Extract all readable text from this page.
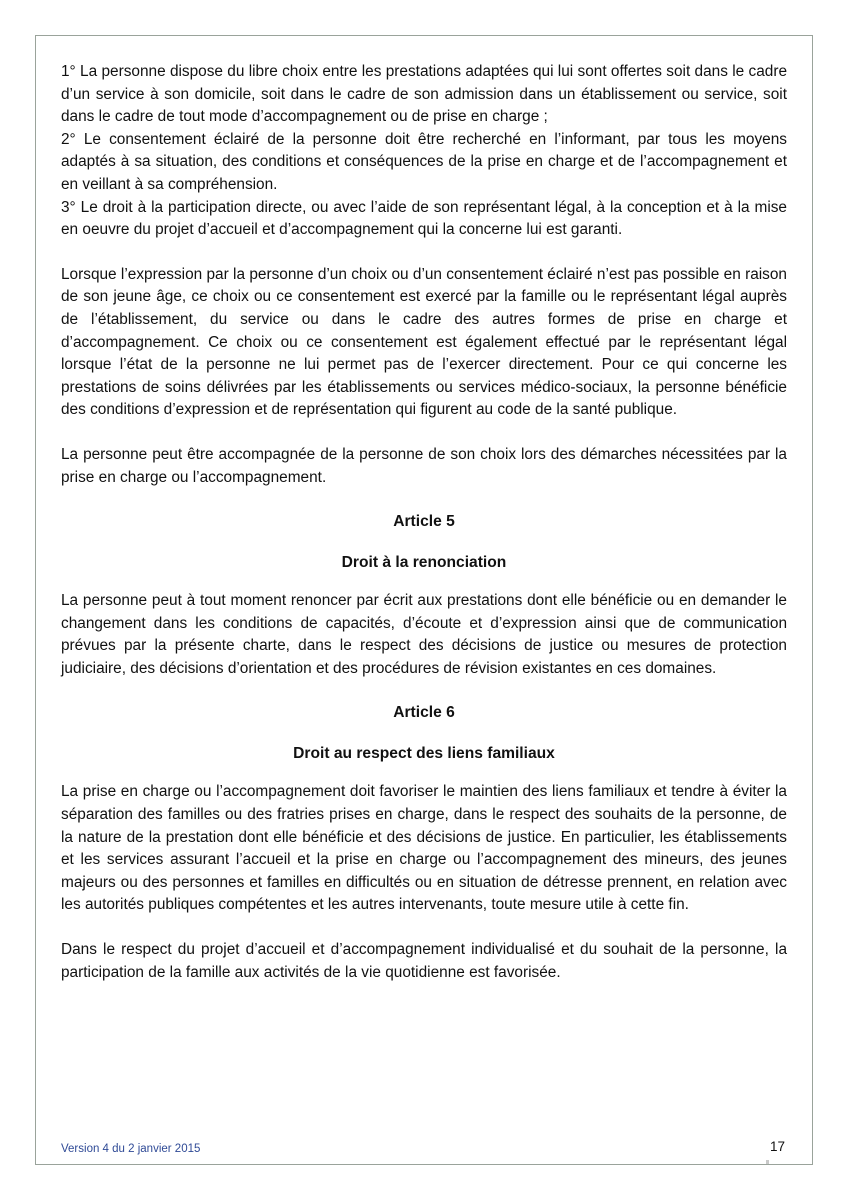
1° La personne dispose du libre choix entre les prestations adaptées qui lui sont offertes soit dans le cadre d’un service à son domicile, soit dans le cadre de son admission dans un établissement ou service, soit dans le cadre de tout mode d’accompagnement ou de prise en charge ;
2° Le consentement éclairé de la personne doit être recherché en l’informant, par tous les moyens adaptés à sa situation, des conditions et conséquences de la prise en charge et de l’accompagnement et en veillant à sa compréhension.
3° Le droit à la participation directe, ou avec l’aide de son représentant légal, à la conception et à la mise en oeuvre du projet d’accueil et d’accompagnement qui la concerne lui est garanti.

Lorsque l’expression par la personne d’un choix ou d’un consentement éclairé n’est pas possible en raison de son jeune âge, ce choix ou ce consentement est exercé par la famille ou le représentant légal auprès de l’établissement, du service ou dans le cadre des autres formes de prise en charge et d’accompagnement. Ce choix ou ce consentement est également effectué par le représentant légal lorsque l’état de la personne ne lui permet pas de l’exercer directement. Pour ce qui concerne les prestations de soins délivrées par les établissements ou services médico-sociaux, la personne bénéficie des conditions d’expression et de représentation qui figurent au code de la santé publique.

La personne peut être accompagnée de la personne de son choix lors des démarches nécessitées par la prise en charge ou l’accompagnement.

Article 5

Droit à la renonciation

La personne peut à tout moment renoncer par écrit aux prestations dont elle bénéficie ou en demander le changement dans les conditions de capacités, d’écoute et d’expression ainsi que de communication prévues par la présente charte, dans le respect des décisions de justice ou mesures de protection judiciaire, des décisions d’orientation et des procédures de révision existantes en ces domaines.

Article 6

Droit au respect des liens familiaux

La prise en charge ou l’accompagnement doit favoriser le maintien des liens familiaux et tendre à éviter la séparation des familles ou des fratries prises en charge, dans le respect des souhaits de la personne, de la nature de la prestation dont elle bénéficie et des décisions de justice. En particulier, les établissements et les services assurant l’accueil et la prise en charge ou l’accompagnement des mineurs, des jeunes majeurs ou des personnes et familles en difficultés ou en situation de détresse prennent, en relation avec les autorités publiques compétentes et les autres intervenants, toute mesure utile à cette fin.

Dans le respect du projet d’accueil et d’accompagnement individualisé et du souhait de la personne, la participation de la famille aux activités de la vie quotidienne est favorisée.

Version 4 du 2 janvier 2015	17
